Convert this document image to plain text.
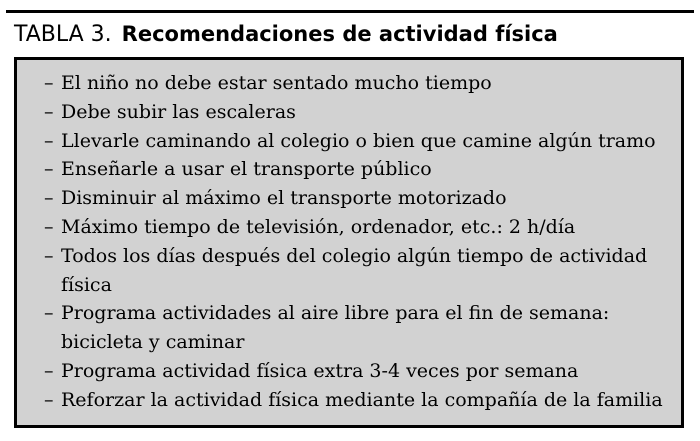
TABLA 3. Recomendaciones de actividad física
– El niño no debe estar sentado mucho tiempo
– Debe subir las escaleras
– Llevarle caminando al colegio o bien que camine algún tramo
– Enseñarle a usar el transporte público
– Disminuir al máximo el transporte motorizado
– Máximo tiempo de televisión, ordenador, etc.: 2 h/día
– Todos los días después del colegio algún tiempo de actividad física
– Programa actividades al aire libre para el fin de semana: bicicleta y caminar
– Programa actividad física extra 3-4 veces por semana
– Reforzar la actividad física mediante la compañía de la familia
